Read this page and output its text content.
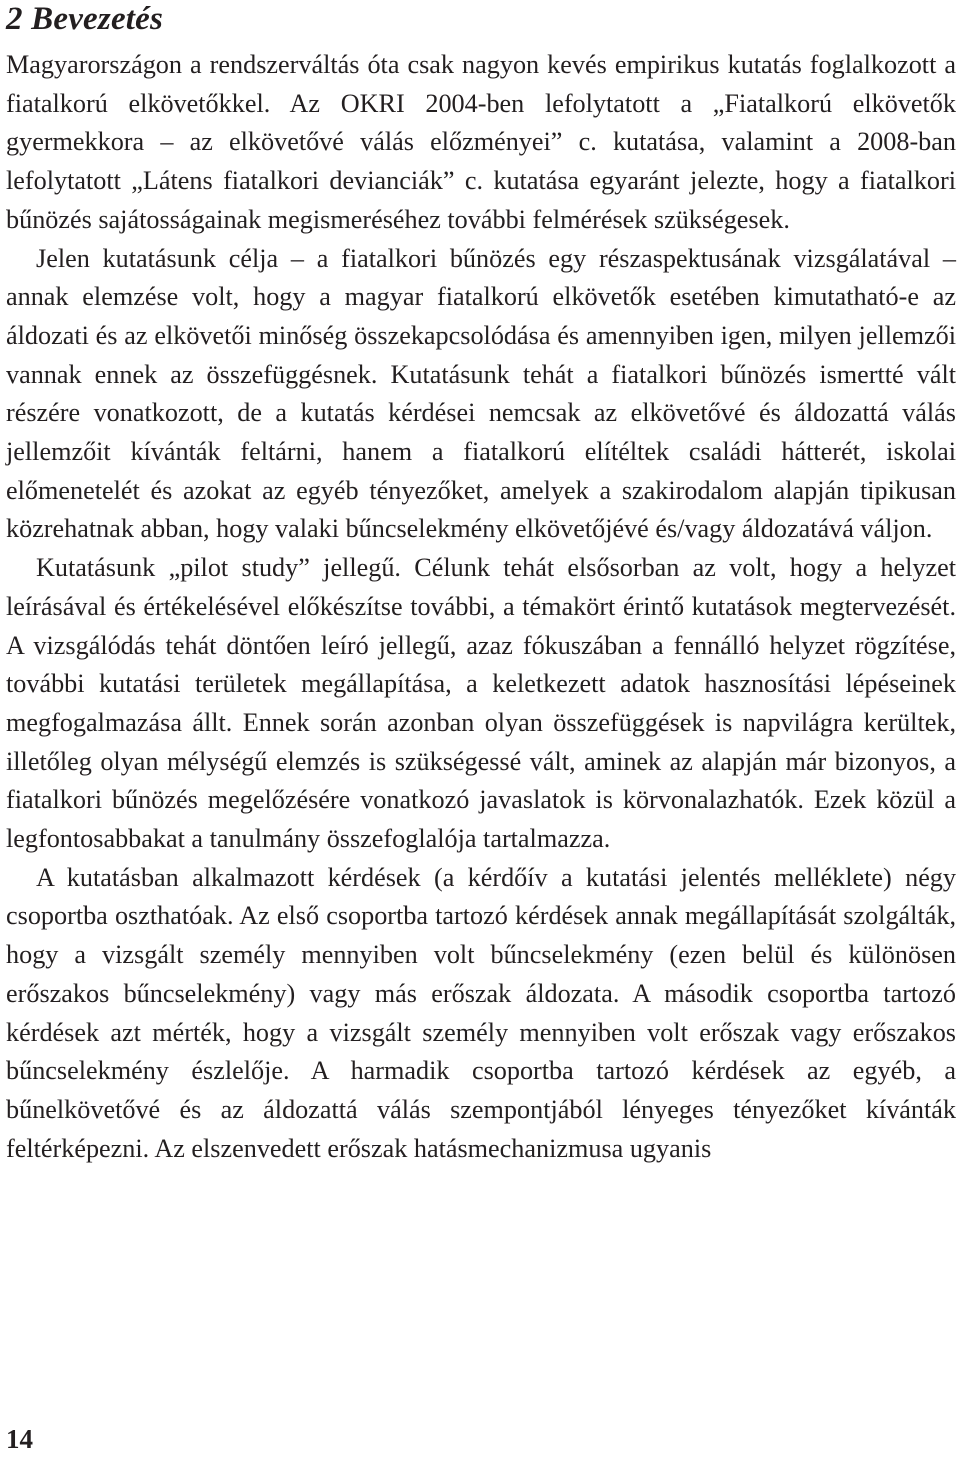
2 Bevezetés

Magyarországon a rendszerváltás óta csak nagyon kevés empirikus kutatás foglalkozott a fiatalkorú elkövetőkkel. Az OKRI 2004-ben lefolytatott a „Fiatalkorú elkövetők gyermekkora – az elkövetővé válás előzményei” c. kutatása, valamint a 2008-ban lefolytatott „Látens fiatalkori devianciák” c. kutatása egyaránt jelezte, hogy a fiatalkori bűnözés sajátosságainak megismeréséhez további felmérések szükségesek.

Jelen kutatásunk célja – a fiatalkori bűnözés egy részaspektusának vizsgálatával – annak elemzése volt, hogy a magyar fiatalkorú elkövetők esetében kimutatható-e az áldozati és az elkövetői minőség összekapcsolódása és amennyiben igen, milyen jellemzői vannak ennek az összefüggésnek. Kutatásunk tehát a fiatalkori bűnözés ismertté vált részére vonatkozott, de a kutatás kérdései nemcsak az elkövetővé és áldozattá válás jellemzőit kívánták feltárni, hanem a fiatalkorú elítéltek családi hátterét, iskolai előmenetelét és azokat az egyéb tényezőket, amelyek a szakirodalom alapján tipikusan közrehatnak abban, hogy valaki bűncselekmény elkövetőjévé és/vagy áldozatává váljon.

Kutatásunk „pilot study” jellegű. Célunk tehát elsősorban az volt, hogy a helyzet leírásával és értékelésével előkészítse további, a témakört érintő kutatások megtervezését. A vizsgálódás tehát döntően leíró jellegű, azaz fókuszában a fennálló helyzet rögzítése, további kutatási területek megállapítása, a keletkezett adatok hasznosítási lépéseinek megfogalmazása állt. Ennek során azonban olyan összefüggések is napvilágra kerültek, illetőleg olyan mélységű elemzés is szükségessé vált, aminek az alapján már bizonyos, a fiatalkori bűnözés megelőzésére vonatkozó javaslatok is körvonalazhatók. Ezek közül a legfontosabbakat a tanulmány összefoglalója tartalmazza.

A kutatásban alkalmazott kérdések (a kérdőív a kutatási jelentés melléklete) négy csoportba oszthatóak. Az első csoportba tartozó kérdések annak megállapítását szolgálták, hogy a vizsgált személy mennyiben volt bűncselekmény (ezen belül és különösen erőszakos bűncselekmény) vagy más erőszak áldozata. A második csoportba tartozó kérdések azt mérték, hogy a vizsgált személy mennyiben volt erőszak vagy erőszakos bűncselekmény észlelője. A harmadik csoportba tartozó kérdések az egyéb, a bűnelkövetővé és az áldozattá válás szempontjából lényeges tényezőket kívánták feltérképezni. Az elszenvedett erőszak hatásmechanizmusa ugyanis

14
